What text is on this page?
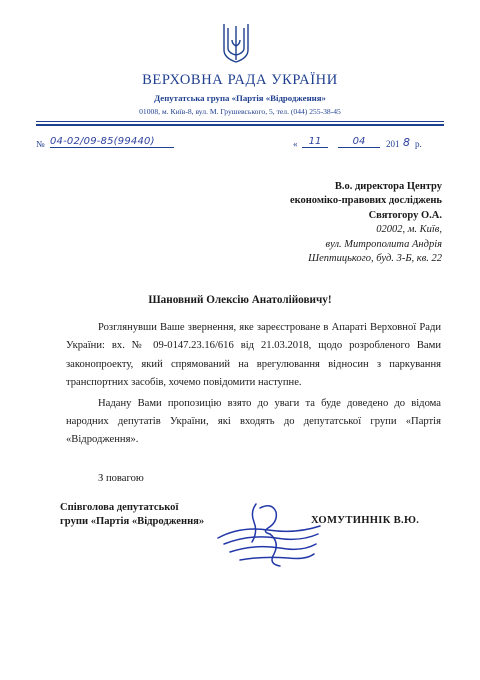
ВЕРХОВНА РАДА УКРАЇНИ
Депутатська група «Партія «Відродження»
01008, м. Київ-8, вул. М. Грушевського, 5, тел. (044) 255-38-45
№ 04-02/09-85(99440)	«	11	04	201 8 р.
В.о. директора Центру
економіко-правових досліджень
Святогору О.А.
02002, м. Київ,
вул. Митрополита Андрія
Шептицького, буд. 3-Б, кв. 22
Шановний Олексію Анатолійовичу!

Розглянувши Ваше звернення, яке зареєстроване в Апараті Верховної Ради України: вх. № 09-0147.23.16/616 від 21.03.2018, щодо розробленого Вами законопроекту, який спрямований на врегулювання відносин з паркування транспортних засобів, хочемо повідомити наступне.

Надану Вами пропозицію взято до уваги та буде доведено до відома народних депутатів України, які входять до депутатської групи «Партія «Відродження».

З повагою
Співголова депутатської
групи «Партія «Відродження»	ХОМУТИННІК В.Ю.
